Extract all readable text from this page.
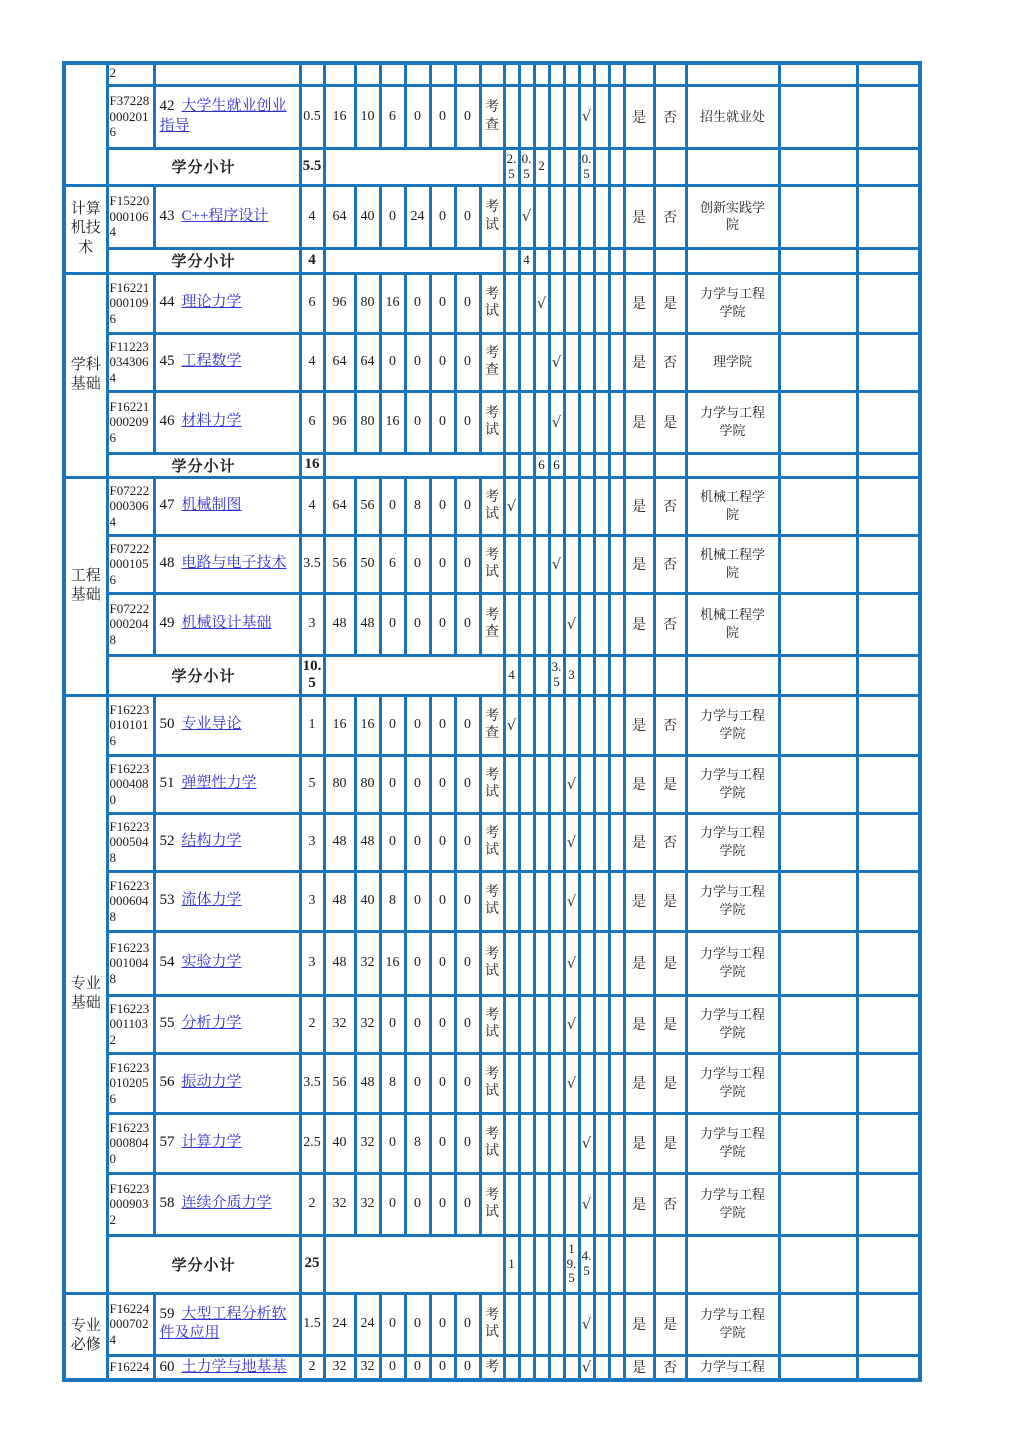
	2																						
	F372280002016	42 大学生就业创业指导	0.5	16	10	6	0	0	0	考查						√			是	否	招生就业处		
	学分小计		5.5								2.5	0.5	2			0.5							
计算机技术	F152200001064	43 C++程序设计	4	64	40	0	24	0	0	考试		√							是	否	创新实践学院		
	学分小计		4									4											
学科基础	F162210001096	44 理论力学	6	96	80	16	0	0	0	考试			√						是	是	力学与工程学院		
	F112230343064	45 工程数学	4	64	64	0	0	0	0	考查				√					是	否	理学院		
	F162210002096	46 材料力学	6	96	80	16	0	0	0	考试				√					是	是	力学与工程学院		
	学分小计		16										6	6									
工程基础	F072220003064	47 机械制图	4	64	56	0	8	0	0	考试	√								是	否	机械工程学院		
	F072220001056	48 电路与电子技术	3.5	56	50	6	0	0	0	考试				√					是	否	机械工程学院		
	F072220002048	49 机械设计基础	3	48	48	0	0	0	0	考查					√				是	否	机械工程学院		
	学分小计		10.5								4			3.5	3								
专业基础	F162230101016	50 专业导论	1	16	16	0	0	0	0	考查	√								是	否	力学与工程学院		
	F162230004080	51 弹塑性力学	5	80	80	0	0	0	0	考试					√				是	是	力学与工程学院		
	F162230005048	52 结构力学	3	48	48	0	0	0	0	考试					√				是	否	力学与工程学院		
	F162230006048	53 流体力学	3	48	40	8	0	0	0	考试					√				是	是	力学与工程学院		
	F162230010048	54 实验力学	3	48	32	16	0	0	0	考试					√				是	是	力学与工程学院		
	F162230011032	55 分析力学	2	32	32	0	0	0	0	考试					√				是	是	力学与工程学院		
	F162230102056	56 振动力学	3.5	56	48	8	0	0	0	考试					√				是	是	力学与工程学院		
	F162230008040	57 计算力学	2.5	40	32	0	8	0	0	考试						√			是	是	力学与工程学院		
	F162230009032	58 连续介质力学	2	32	32	0	0	0	0	考试						√			是	否	力学与工程学院		
	学分小计		25								1				19.5	4.5							
专业必修	F162240007024	59 大型工程分析软件及应用	1.5	24	24	0	0	0	0	考试						√			是	是	力学与工程学院		
	F16224	60 土力学与地基基	2	32	32	0	0	0	0	考						√			是	否	力学与工程		
